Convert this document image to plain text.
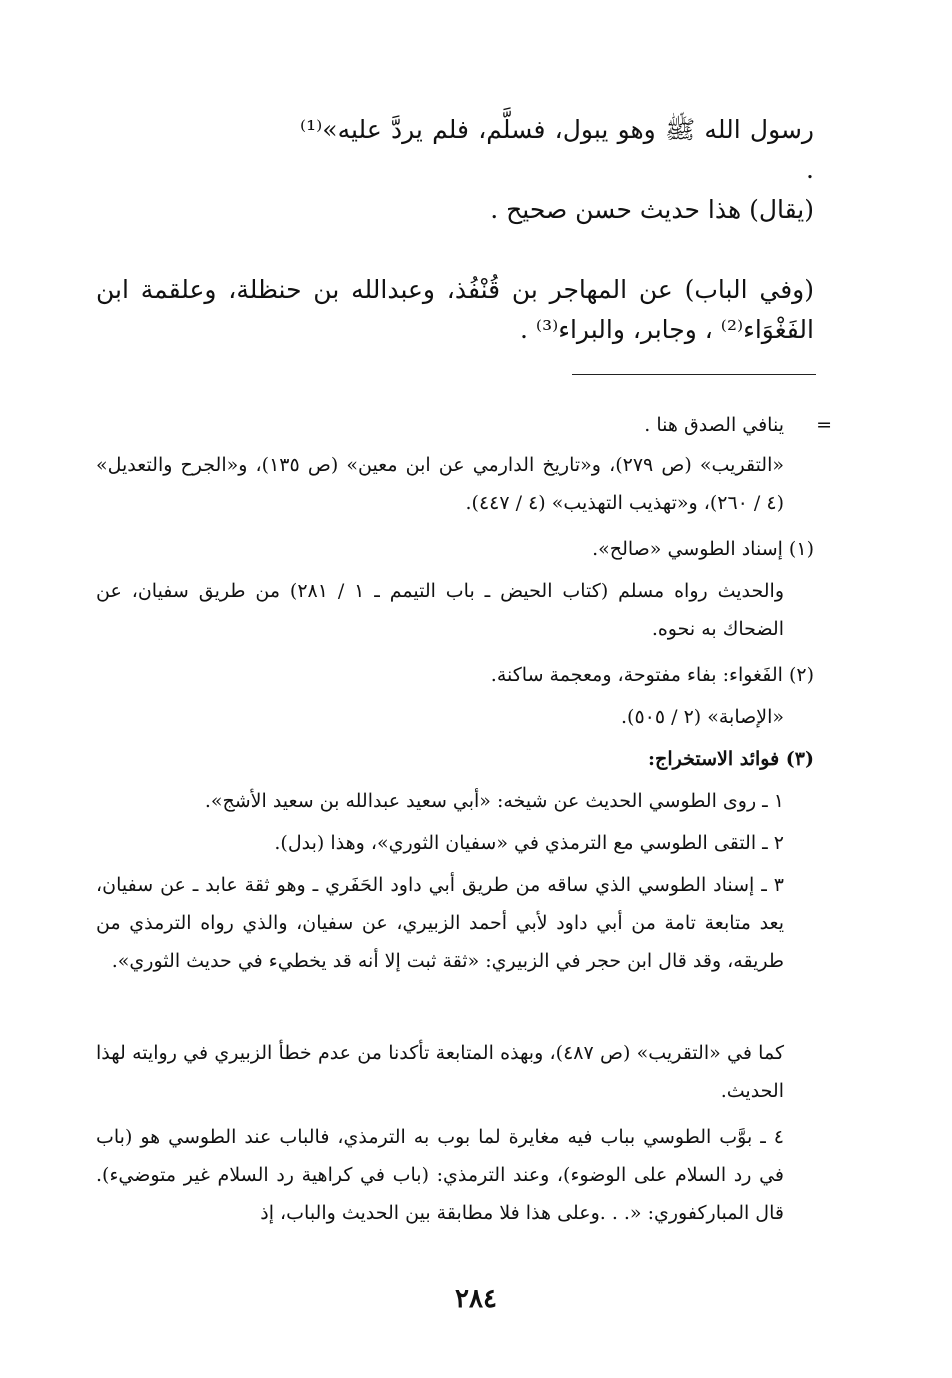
رسول الله ﷺ وهو يبول، فسلَّم، فلم يردَّ عليه»⁽¹⁾ .
(يقال) هذا حديث حسن صحيح .
(وفي الباب) عن المهاجر بن قُنْفُذ، وعبدالله بن حنظلة، وعلقمة ابن الفَغْوَاء⁽²⁾ ، وجابر، والبراء⁽³⁾ .
=
ينافي الصدق هنا .
«التقريب» (ص ٢٧٩)، و«تاريخ الدارمي عن ابن معين» (ص ١٣٥)، و«الجرح والتعديل» (٤ / ٢٦٠)، و«تهذيب التهذيب» (٤ / ٤٤٧).
(١) إسناد الطوسي «صالح».
والحديث رواه مسلم (كتاب الحيض ـ باب التيمم ـ ١ / ٢٨١) من طريق سفيان، عن الضحاك به نحوه.
(٢) الفَغواء: بفاء مفتوحة، ومعجمة ساكنة.
«الإصابة» (٢ / ٥٠٥).
(٣) فوائد الاستخراج:
١ ـ روى الطوسي الحديث عن شيخه: «أبي سعيد عبدالله بن سعيد الأشج».
٢ ـ التقى الطوسي مع الترمذي في «سفيان الثوري»، وهذا (بدل).
٣ ـ إسناد الطوسي الذي ساقه من طريق أبي داود الحَفَري ـ وهو ثقة عابد ـ عن سفيان، يعد متابعة تامة من أبي داود لأبي أحمد الزبيري، عن سفيان، والذي رواه الترمذي من طريقه، وقد قال ابن حجر في الزبيري: «ثقة ثبت إلا أنه قد يخطيء في حديث الثوري».
كما في «التقريب» (ص ٤٨٧)، وبهذه المتابعة تأكدنا من عدم خطأ الزبيري في روايته لهذا الحديث.
٤ ـ بوَّب الطوسي بباب فيه مغايرة لما بوب به الترمذي، فالباب عند الطوسي هو (باب في رد السلام على الوضوء)، وعند الترمذي: (باب في كراهية رد السلام غير متوضيء). قال المباركفوري: «. . .وعلى هذا فلا مطابقة بين الحديث والباب، إذ
٢٨٤
